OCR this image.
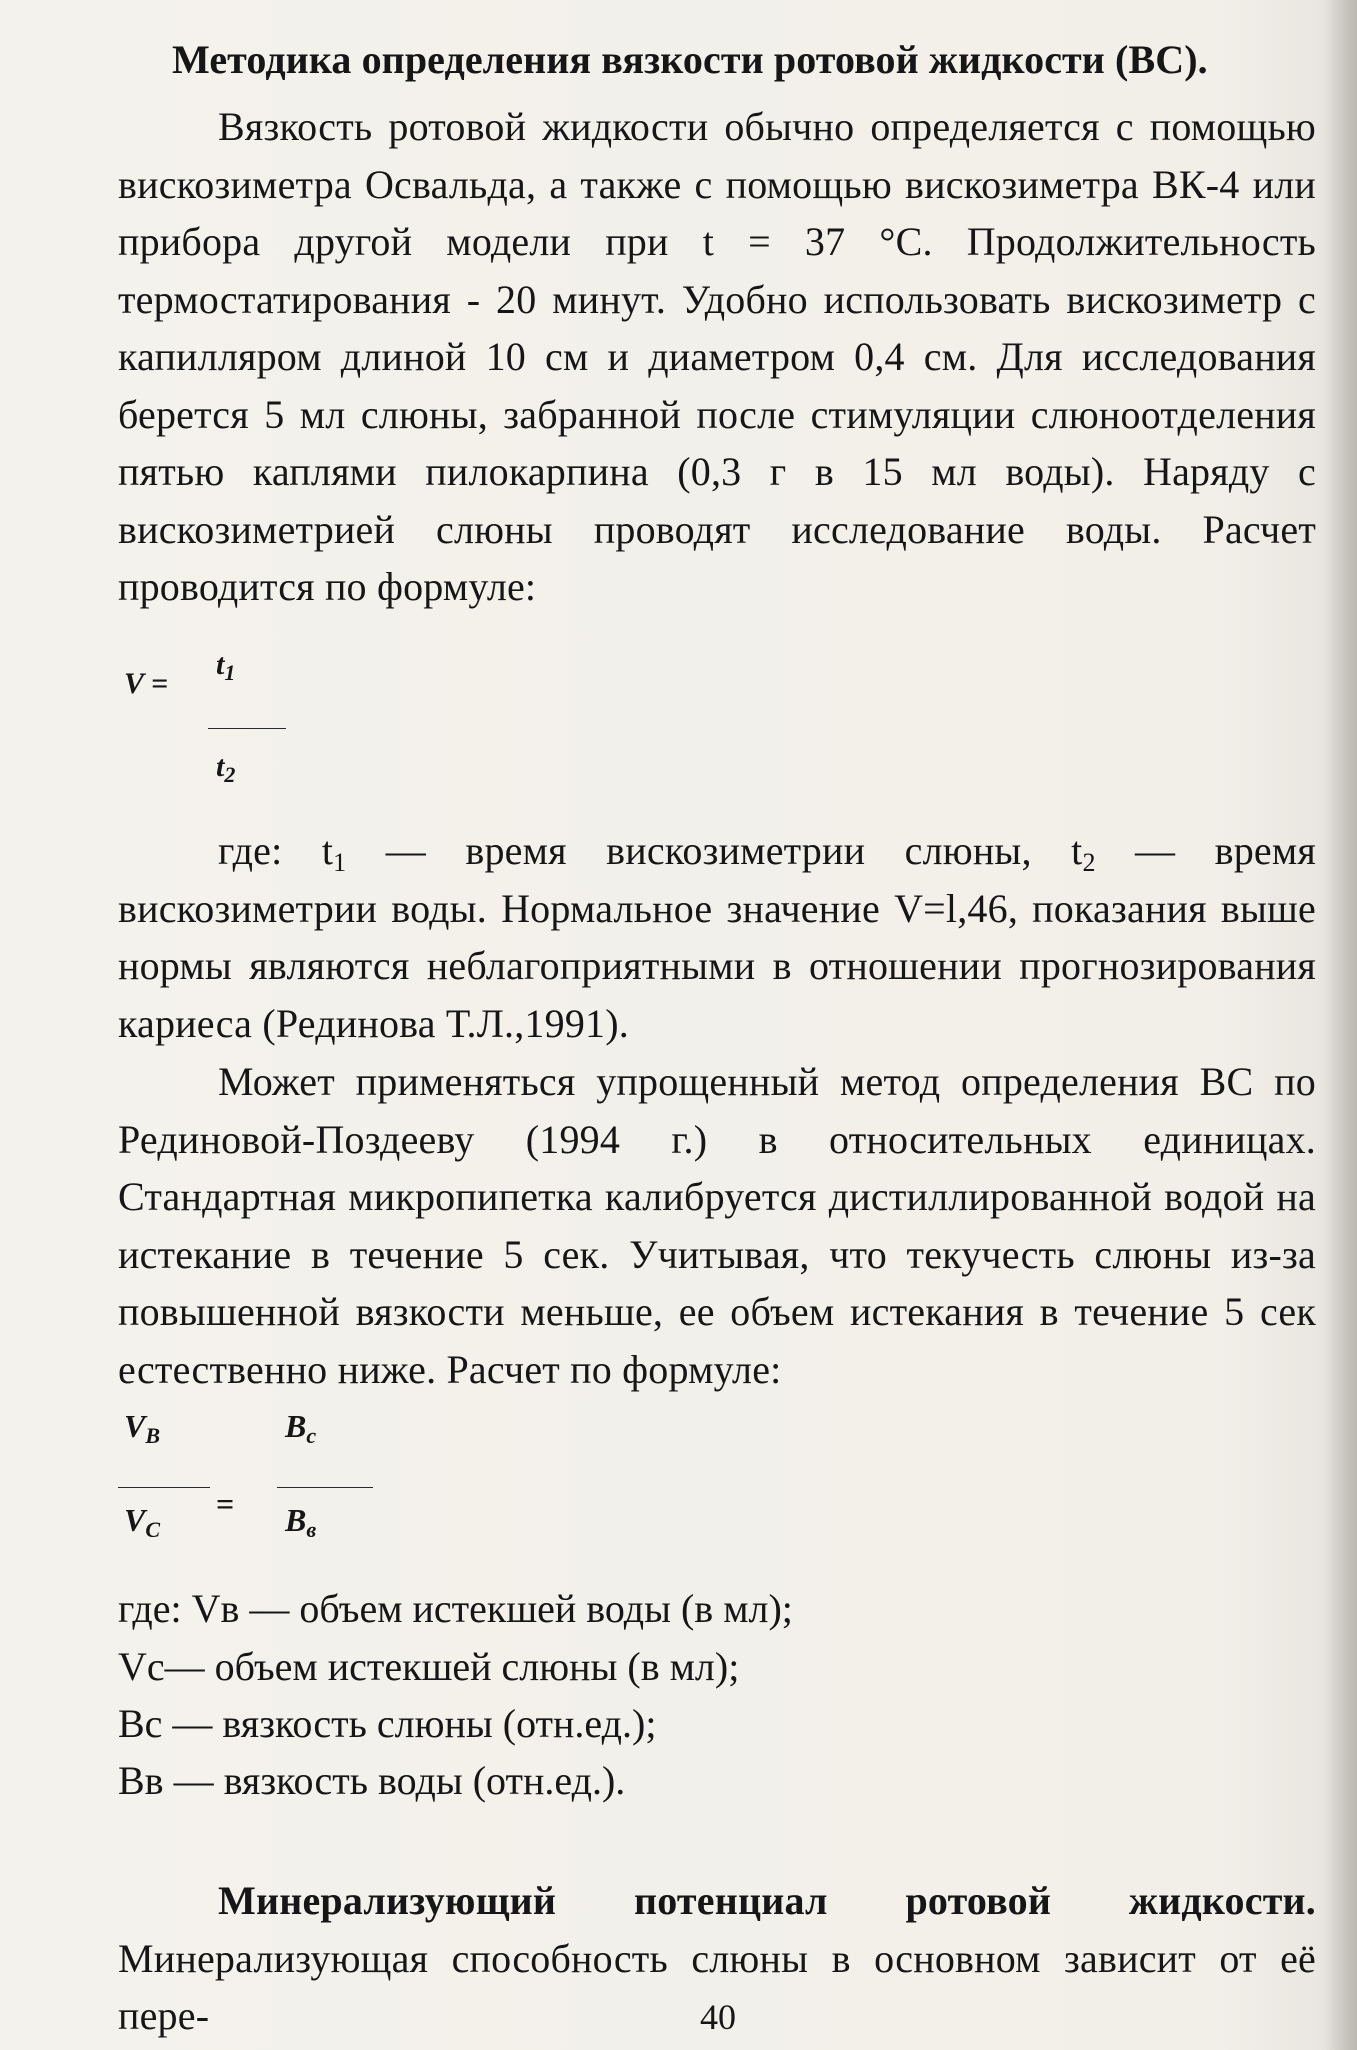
Методика определения вязкости ротовой жидкости (ВС).

Вязкость ротовой жидкости обычно определяется с помощью вискозиметра Освальда, а также с помощью вискозиметра ВК-4 или прибора другой модели при t = 37 °С. Продолжительность термостатирования - 20 минут. Удобно использовать вискозиметр с капилляром длиной 10 см и диаметром 0,4 см. Для исследования берется 5 мл слюны, забранной после стимуляции слюноотделения пятью каплями пилокарпина (0,3 г в 15 мл воды). Наряду с вискозиметрией слюны проводят исследование воды. Расчет проводится по формуле:

V =
$t_1$
$t_2$

где: $t_1$ — время вискозиметрии слюны, $t_2$ — время вискозиметрии воды. Нормальное значение V=l,46, показания выше нормы являются неблагоприятными в отношении прогнозирования кариеса (Рединова Т.Л.,1991).

Может применяться упрощенный метод определения ВС по Рединовой-Поздееву (1994 г.) в относительных единицах. Стандартная микропипетка калибруется дистиллированной водой на истекание в течение 5 сек. Учитывая, что текучесть слюны из-за повышенной вязкости меньше, ее объем истекания в течение 5 сек естественно ниже. Расчет по формуле:

VB
VC
=
Bc
Bв
где: Vв — объем истекшей воды (в мл);
Vс— объем истекшей слюны (в мл);
Вс — вязкость слюны (отн.ед.);
Вв — вязкость воды (отн.ед.).

Минерализующий потенциал ротовой жидкости. Минерализующая способность слюны в основном зависит от её пере-	40
